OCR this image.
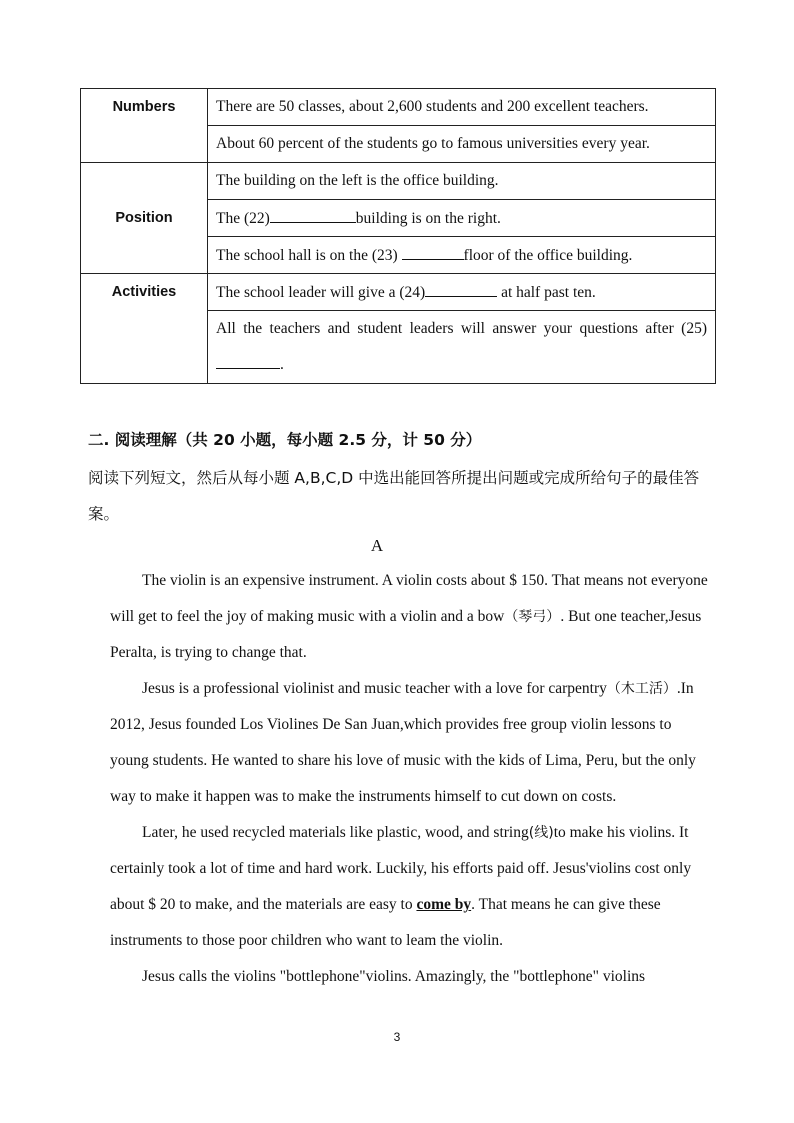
Numbers	There are 50 classes, about 2,600 students and 200 excellent teachers.
	About 60 percent of the students go to famous universities every year.
Position	The building on the left is the office building.
	The (22) building is on the right.
	The school hall is on the (23) floor of the office building.
Activities	The school leader will give a (24) at half past ten.
	All the teachers and student leaders will answer your questions after (25).
二. 阅读理解（共 20 小题，每小题 2.5 分，计 50 分）
阅读下列短文，然后从每小题 A,B,C,D 中选出能回答所提出问题或完成所给句子的最佳答案。
A

The violin is an expensive instrument. A violin costs about $ 150. That means not everyone will get to feel the joy of making music with a violin and a bow（琴弓）. But one teacher,Jesus Peralta, is trying to change that.

Jesus is a professional violinist and music teacher with a love for carpentry（木工活）.In 2012, Jesus founded Los Violines De San Juan,which provides free group violin lessons to young students. He wanted to share his love of music with the kids of Lima, Peru, but the only way to make it happen was to make the instruments himself to cut down on costs.

Later, he used recycled materials like plastic, wood, and string(线)to make his violins. It certainly took a lot of time and hard work. Luckily, his efforts paid off. Jesus'violins cost only about $ 20 to make, and the materials are easy to come by. That means he can give these instruments to those poor children who want to leam the violin.

Jesus calls the violins "bottlephone"violins. Amazingly, the "bottlephone" violins

3
